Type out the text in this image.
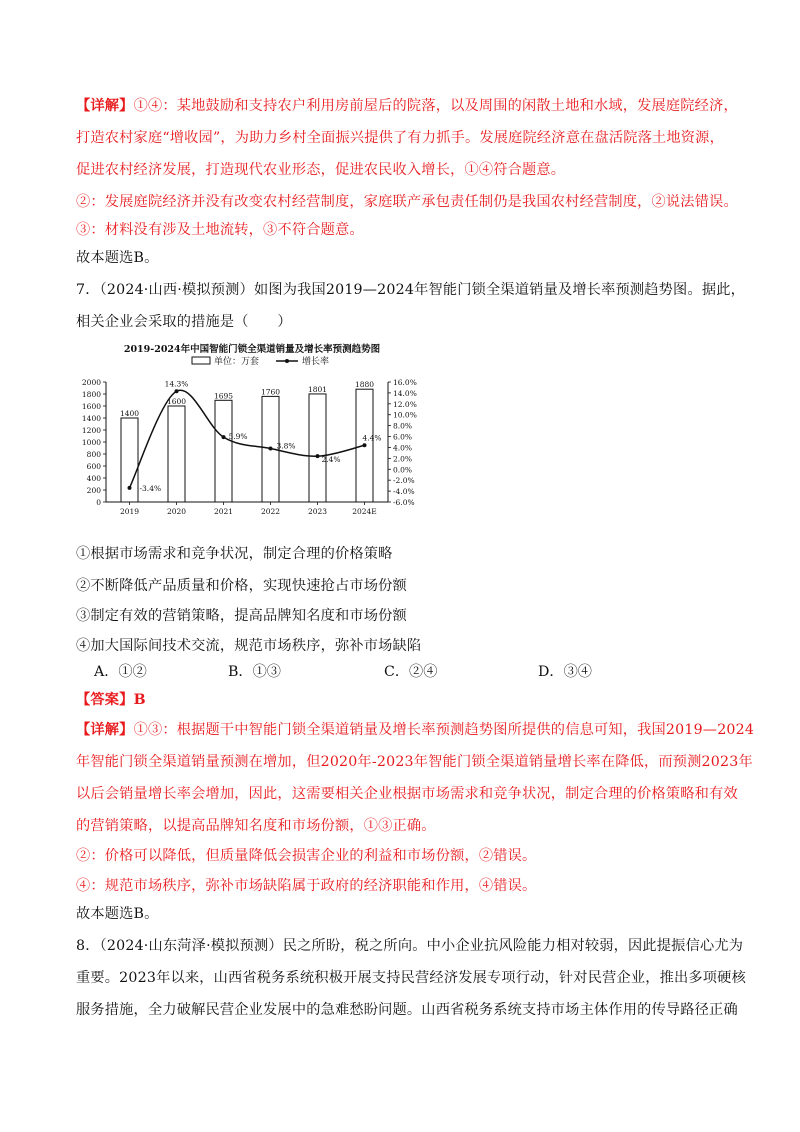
【详解】①④：某地鼓励和支持农户利用房前屋后的院落，以及周围的闲散土地和水域，发展庭院经济，
打造农村家庭“增收园”，为助力乡村全面振兴提供了有力抓手。发展庭院经济意在盘活院落土地资源，
促进农村经济发展，打造现代农业形态，促进农民收入增长，①④符合题意。
②：发展庭院经济并没有改变农村经营制度，家庭联产承包责任制仍是我国农村经营制度，②说法错误。
③：材料没有涉及土地流转，③不符合题意。
故本题选B。
7．（2024·山西·模拟预测）如图为我国2019—2024年智能门锁全渠道销量及增长率预测趋势图。据此，
相关企业会采取的措施是（　　）
2019-2024年中国智能门锁全渠道销量及增长率预测趋势图
单位：万套	增长率
0
200
400
600
800
1000
1200
1400
1600
1800
2000
-6.0%
-4.0%
-2.0%
0.0%
2.0%
4.0%
6.0%
8.0%
10.0%
12.0%
14.0%
16.0%
2019	2020	2021	2022	2023	2024E
1400
1600
1695	1760	1801
1880
-3.4%
14.3%
5.9%
3.8%
2.4%
4.4%
①根据市场需求和竞争状况，制定合理的价格策略
②不断降低产品质量和价格，实现快速抢占市场份额
③制定有效的营销策略，提高品牌知名度和市场份额
④加大国际间技术交流，规范市场秩序，弥补市场缺陷
A．①②	B．①③	C．②④	D．③④
【答案】B
【详解】①③：根据题干中智能门锁全渠道销量及增长率预测趋势图所提供的信息可知，我国2019—2024
年智能门锁全渠道销量预测在增加，但2020年-2023年智能门锁全渠道销量增长率在降低，而预测2023年
以后会销量增长率会增加，因此，这需要相关企业根据市场需求和竞争状况，制定合理的价格策略和有效
的营销策略，以提高品牌知名度和市场份额，①③正确。
②：价格可以降低，但质量降低会损害企业的利益和市场份额，②错误。
④：规范市场秩序，弥补市场缺陷属于政府的经济职能和作用，④错误。
故本题选B。
8．（2024·山东菏泽·模拟预测）民之所盼，税之所向。中小企业抗风险能力相对较弱，因此提振信心尤为
重要。2023年以来，山西省税务系统积极开展支持民营经济发展专项行动，针对民营企业，推出多项硬核
服务措施，全力破解民营企业发展中的急难愁盼问题。山西省税务系统支持市场主体作用的传导路径正确
